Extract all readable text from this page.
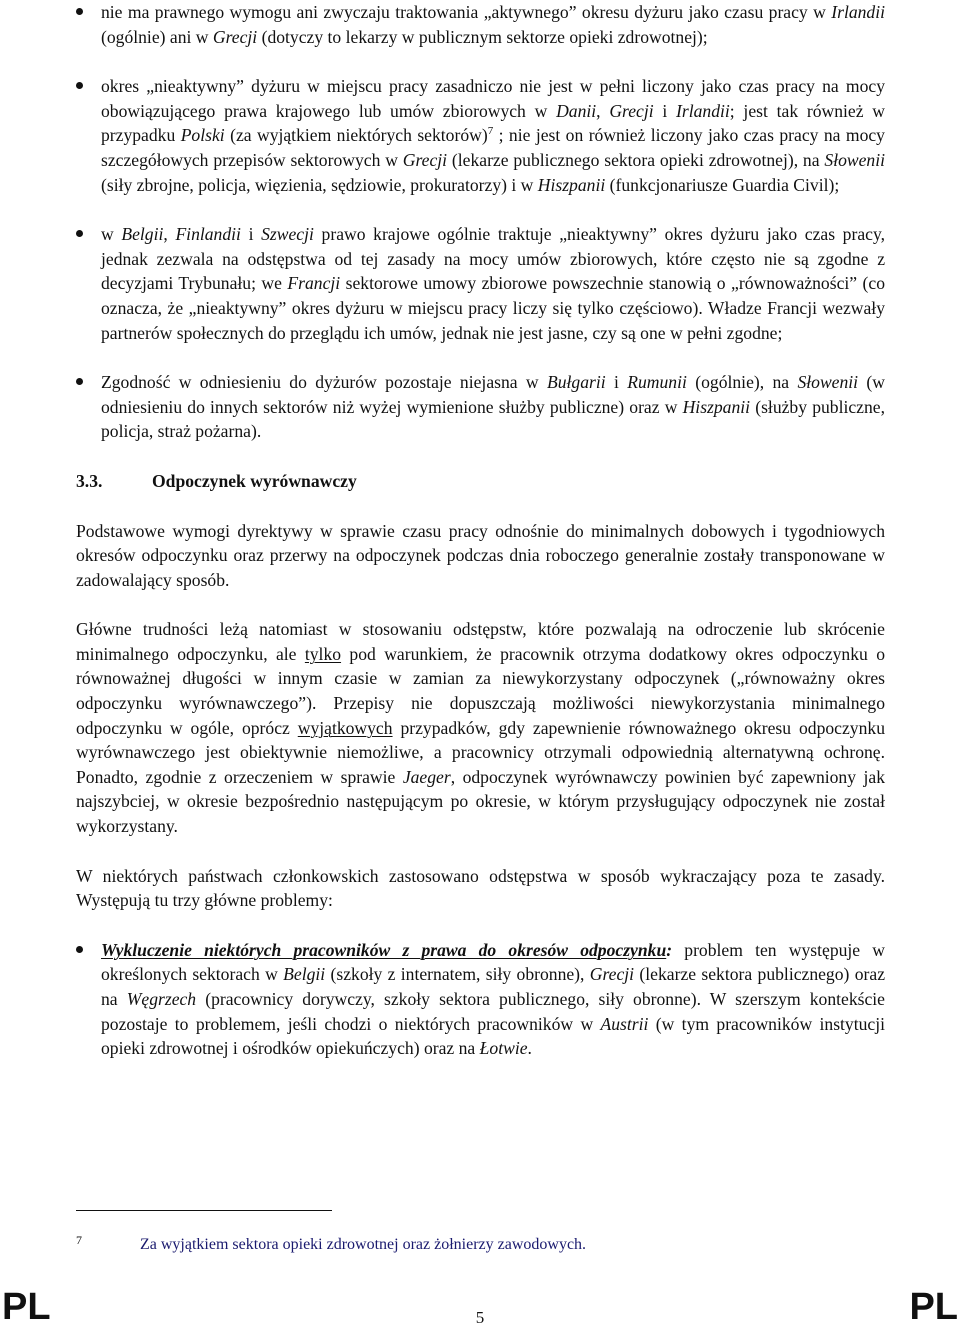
nie ma prawnego wymogu ani zwyczaju traktowania „aktywnego” okresu dyżuru jako czasu pracy w Irlandii (ogólnie) ani w Grecji (dotyczy to lekarzy w publicznym sektorze opieki zdrowotnej);
okres „nieaktywny” dyżuru w miejscu pracy zasadniczo nie jest w pełni liczony jako czas pracy na mocy obowiązującego prawa krajowego lub umów zbiorowych w Danii, Grecji i Irlandii; jest tak również w przypadku Polski (za wyjątkiem niektórych sektorów)$^7$ ; nie jest on również liczony jako czas pracy na mocy szczegółowych przepisów sektorowych w Grecji (lekarze publicznego sektora opieki zdrowotnej), na Słowenii (siły zbrojne, policja, więzienia, sędziowie, prokuratorzy) i w Hiszpanii (funkcjonariusze Guardia Civil);
w Belgii, Finlandii i Szwecji prawo krajowe ogólnie traktuje „nieaktywny” okres dyżuru jako czas pracy, jednak zezwala na odstępstwa od tej zasady na mocy umów zbiorowych, które często nie są zgodne z decyzjami Trybunału; we Francji sektorowe umowy zbiorowe powszechnie stanowią o „równoważności” (co oznacza, że „nieaktywny” okres dyżuru w miejscu pracy liczy się tylko częściowo). Władze Francji wezwały partnerów społecznych do przeglądu ich umów, jednak nie jest jasne, czy są one w pełni zgodne;
Zgodność w odniesieniu do dyżurów pozostaje niejasna w Bułgarii i Rumunii (ogólnie), na Słowenii (w odniesieniu do innych sektorów niż wyżej wymienione służby publiczne) oraz w Hiszpanii (służby publiczne, policja, straż pożarna).
3.3.	Odpoczynek wyrównawczy

Podstawowe wymogi dyrektywy w sprawie czasu pracy odnośnie do minimalnych dobowych i tygodniowych okresów odpoczynku oraz przerwy na odpoczynek podczas dnia roboczego generalnie zostały transponowane w zadowalający sposób.

Główne trudności leżą natomiast w stosowaniu odstępstw, które pozwalają na odroczenie lub skrócenie minimalnego odpoczynku, ale tylko pod warunkiem, że pracownik otrzyma dodatkowy okres odpoczynku o równoważnej długości w innym czasie w zamian za niewykorzystany odpoczynek („równoważny okres odpoczynku wyrównawczego”). Przepisy nie dopuszczają możliwości niewykorzystania minimalnego odpoczynku w ogóle, oprócz wyjątkowych przypadków, gdy zapewnienie równoważnego okresu odpoczynku wyrównawczego jest obiektywnie niemożliwe, a pracownicy otrzymali odpowiednią alternatywną ochronę. Ponadto, zgodnie z orzeczeniem w sprawie Jaeger, odpoczynek wyrównawczy powinien być zapewniony jak najszybciej, w okresie bezpośrednio następującym po okresie, w którym przysługujący odpoczynek nie został wykorzystany.

W niektórych państwach członkowskich zastosowano odstępstwa w sposób wykraczający poza te zasady. Występują tu trzy główne problemy:

Wykluczenie niektórych pracowników z prawa do okresów odpoczynku: problem ten występuje w określonych sektorach w Belgii (szkoły z internatem, siły obronne), Grecji (lekarze sektora publicznego) oraz na Węgrzech (pracownicy dorywczy, szkoły sektora publicznego, siły obronne). W szerszym kontekście pozostaje to problemem, jeśli chodzi o niektórych pracowników w Austrii (w tym pracowników instytucji opieki zdrowotnej i ośrodków opiekuńczych) oraz na Łotwie.
7	Za wyjątkiem sektora opieki zdrowotnej oraz żołnierzy zawodowych.
PL	5	PL
